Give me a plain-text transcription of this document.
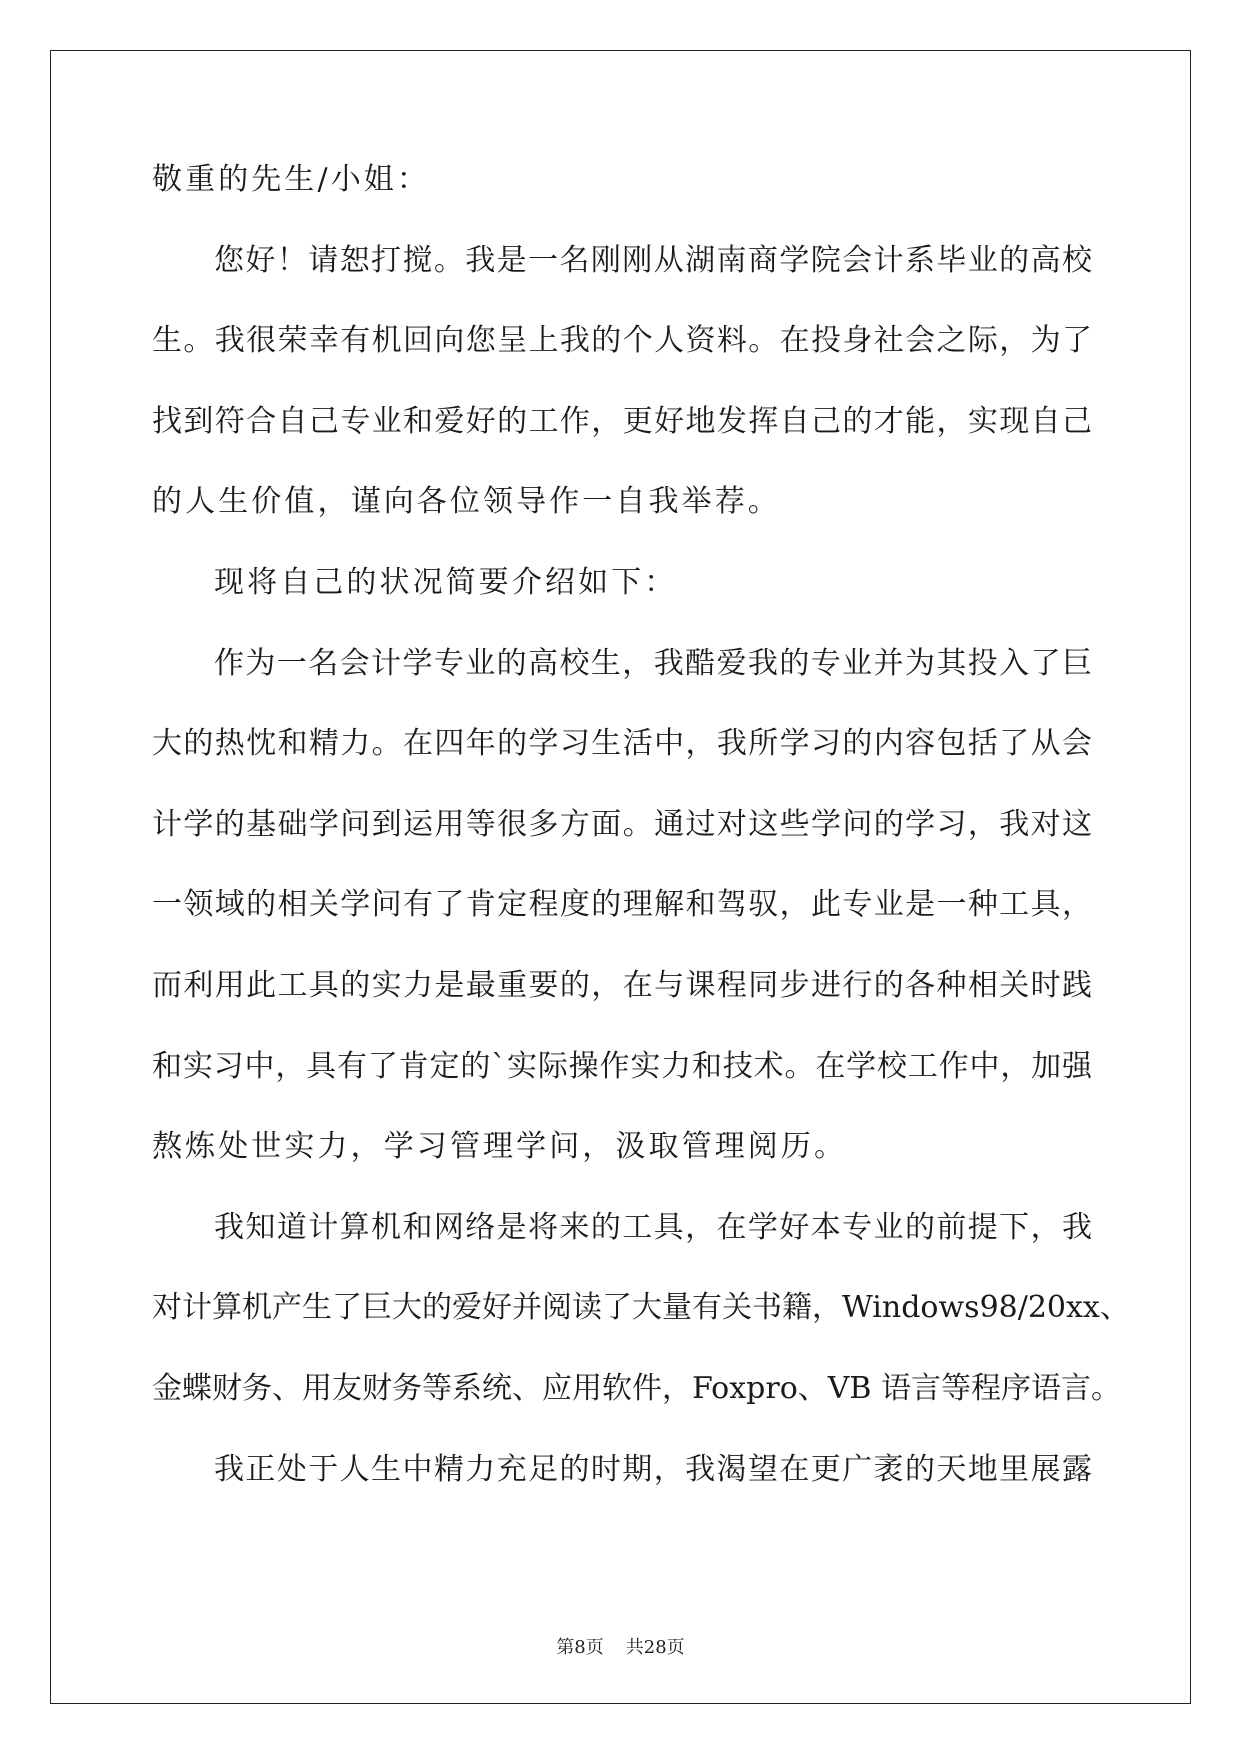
敬重的先生/小姐：
您好！请恕打搅。我是一名刚刚从湖南商学院会计系毕业的高校
生。我很荣幸有机回向您呈上我的个人资料。在投身社会之际，为了
找到符合自己专业和爱好的工作，更好地发挥自己的才能，实现自己
的人生价值，谨向各位领导作一自我举荐。
现将自己的状况简要介绍如下：
作为一名会计学专业的高校生，我酷爱我的专业并为其投入了巨
大的热忱和精力。在四年的学习生活中，我所学习的内容包括了从会
计学的基础学问到运用等很多方面。通过对这些学问的学习，我对这
一领域的相关学问有了肯定程度的理解和驾驭，此专业是一种工具，
而利用此工具的实力是最重要的，在与课程同步进行的各种相关时践
和实习中，具有了肯定的`实际操作实力和技术。在学校工作中，加强
熬炼处世实力，学习管理学问，汲取管理阅历。
我知道计算机和网络是将来的工具，在学好本专业的前提下，我
对计算机产生了巨大的爱好并阅读了大量有关书籍，Windows98/20xx、
金蝶财务、用友财务等系统、应用软件，Foxpro、VB 语言等程序语言。
我正处于人生中精力充足的时期，我渴望在更广袤的天地里展露
第8页 共28页
